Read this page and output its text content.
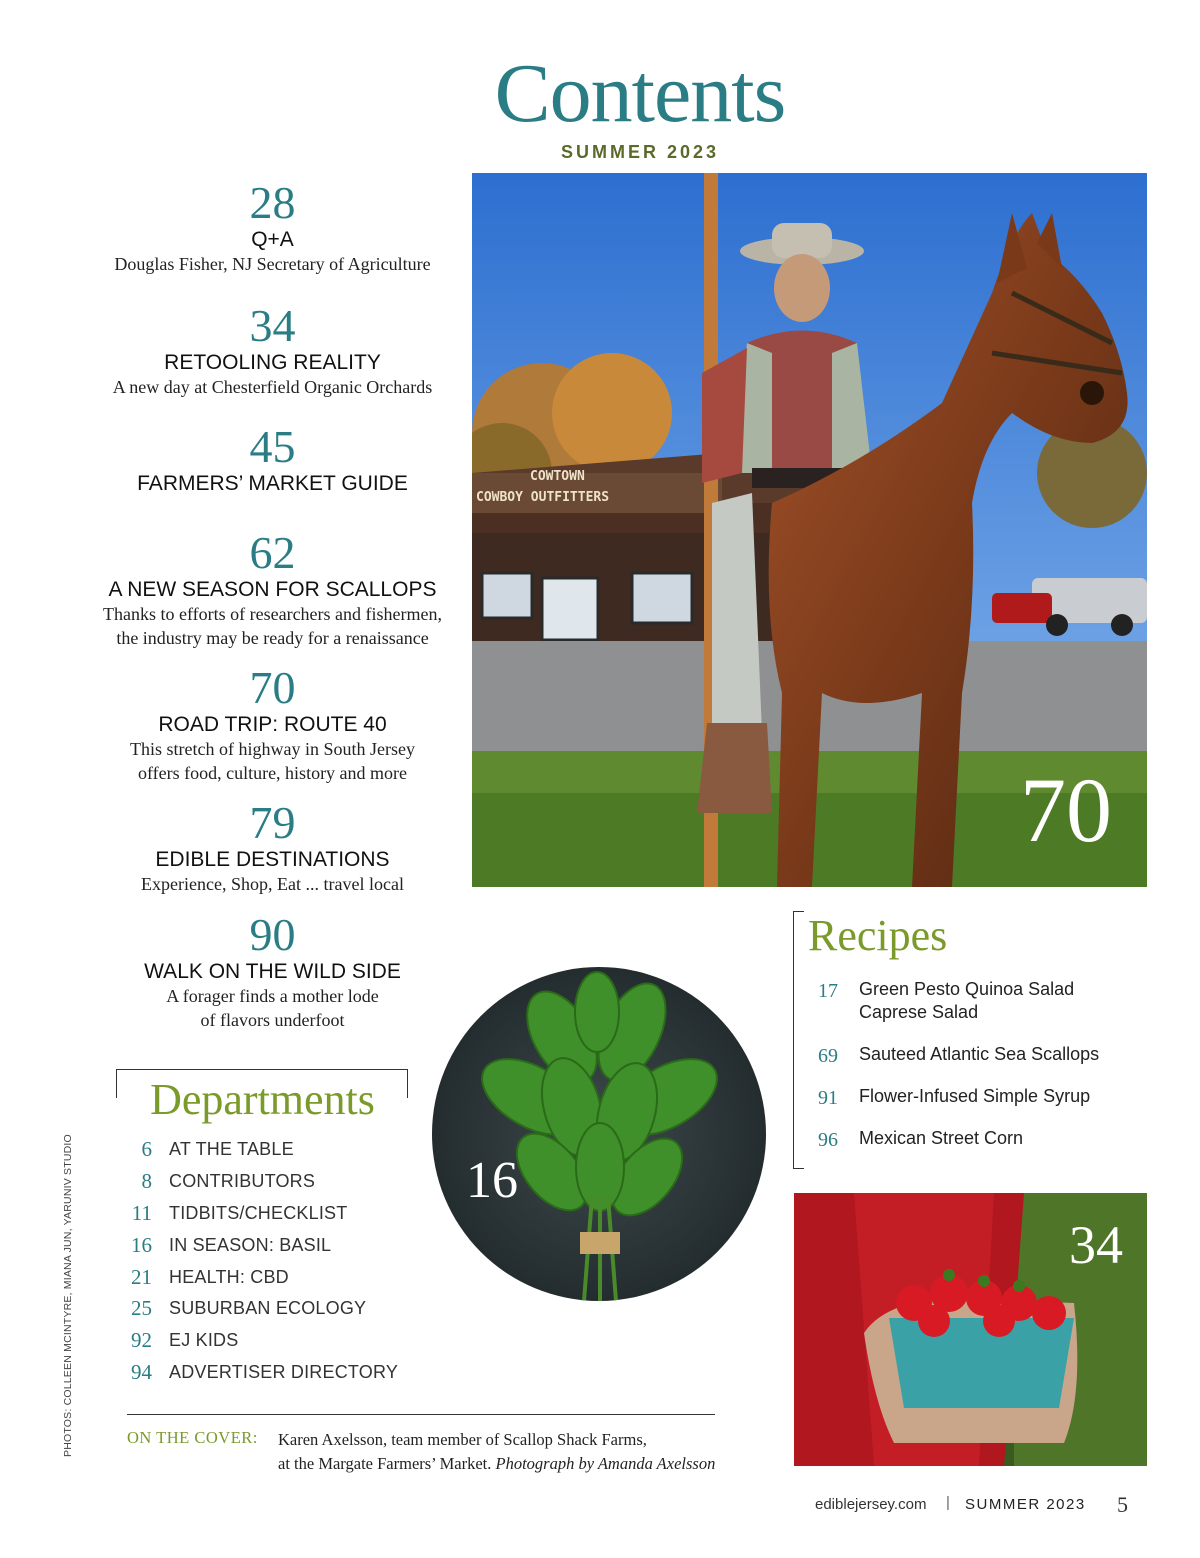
Contents
SUMMER 2023
28
Q+A
Douglas Fisher, NJ Secretary of Agriculture
34
RETOOLING REALITY
A new day at Chesterfield Organic Orchards
45
FARMERS’ MARKET GUIDE
62
A NEW SEASON FOR SCALLOPS
Thanks to efforts of researchers and fishermen,
the industry may be ready for a renaissance
70
ROAD TRIP: ROUTE 40
This stretch of highway in South Jersey
offers food, culture, history and more
79
EDIBLE DESTINATIONS
Experience, Shop, Eat ... travel local
90
WALK ON THE WILD SIDE
A forager finds a mother lode
of flavors underfoot
COWTOWN
COWBOY OUTFITTERS
70
16
34
Recipes
17	Green Pesto Quinoa Salad
Caprese Salad
69	Sauteed Atlantic Sea Scallops
91	Flower-Infused Simple Syrup
96	Mexican Street Corn
Departments
6 AT THE TABLE
8 CONTRIBUTORS
11 TIDBITS/CHECKLIST
16 IN SEASON: BASIL
21 HEALTH: CBD
25 SUBURBAN ECOLOGY
92 EJ KIDS
94 ADVERTISER DIRECTORY
PHOTOS: COLLEEN MCINTYRE, MIANA JUN, YARUNIV STUDIO	ON THE COVER: Karen Axelsson, team member of Scallop Shack Farms,
at the Margate Farmers’ Market. Photograph by Amanda Axelsson
ediblejersey.com | SUMMER 2023 5
